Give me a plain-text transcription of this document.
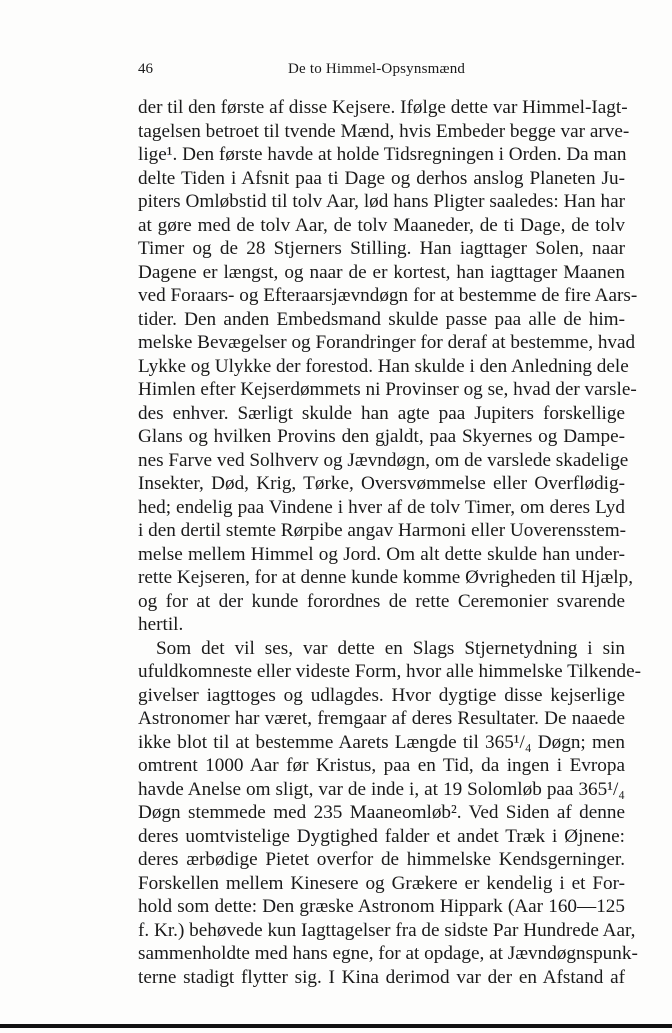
46	De to Himmel-Opsynsmænd
der til den første af disse Kejsere. Ifølge dette var Himmel-Iagt-
tagelsen betroet til tvende Mænd, hvis Embeder begge var arve-
lige¹. Den første havde at holde Tidsregningen i Orden. Da man
delte Tiden i Afsnit paa ti Dage og derhos anslog Planeten Ju-
piters Omløbstid til tolv Aar, lød hans Pligter saaledes: Han har
at gøre med de tolv Aar, de tolv Maaneder, de ti Dage, de tolv
Timer og de 28 Stjerners Stilling. Han iagttager Solen, naar
Dagene er længst, og naar de er kortest, han iagttager Maanen
ved Foraars- og Efteraarsjævndøgn for at bestemme de fire Aars-
tider. Den anden Embedsmand skulde passe paa alle de him-
melske Bevægelser og Forandringer for deraf at bestemme, hvad
Lykke og Ulykke der forestod. Han skulde i den Anledning dele
Himlen efter Kejserdømmets ni Provinser og se, hvad der varsle-
des enhver. Særligt skulde han agte paa Jupiters forskellige
Glans og hvilken Provins den gjaldt, paa Skyernes og Dampe-
nes Farve ved Solhverv og Jævndøgn, om de varslede skadelige
Insekter, Død, Krig, Tørke, Oversvømmelse eller Overflødig-
hed; endelig paa Vindene i hver af de tolv Timer, om deres Lyd
i den dertil stemte Rørpibe angav Harmoni eller Uoverensstem-
melse mellem Himmel og Jord. Om alt dette skulde han under-
rette Kejseren, for at denne kunde komme Øvrigheden til Hjælp,
og for at der kunde forordnes de rette Ceremonier svarende
hertil.
Som det vil ses, var dette en Slags Stjernetydning i sin
ufuldkomneste eller videste Form, hvor alle himmelske Tilkende-
givelser iagttoges og udlagdes. Hvor dygtige disse kejserlige
Astronomer har været, fremgaar af deres Resultater. De naaede
ikke blot til at bestemme Aarets Længde til 365¹/₄ Døgn; men
omtrent 1000 Aar før Kristus, paa en Tid, da ingen i Evropa
havde Anelse om sligt, var de inde i, at 19 Solomløb paa 365¹/₄
Døgn stemmede med 235 Maaneomløb². Ved Siden af denne
deres uomtvistelige Dygtighed falder et andet Træk i Øjnene:
deres ærbødige Pietet overfor de himmelske Kendsgerninger.
Forskellen mellem Kinesere og Grækere er kendelig i et For-
hold som dette: Den græske Astronom Hippark (Aar 160—125
f. Kr.) behøvede kun Iagttagelser fra de sidste Par Hundrede Aar,
sammenholdte med hans egne, for at opdage, at Jævndøgnspunk-
terne stadigt flytter sig. I Kina derimod var der en Afstand af
